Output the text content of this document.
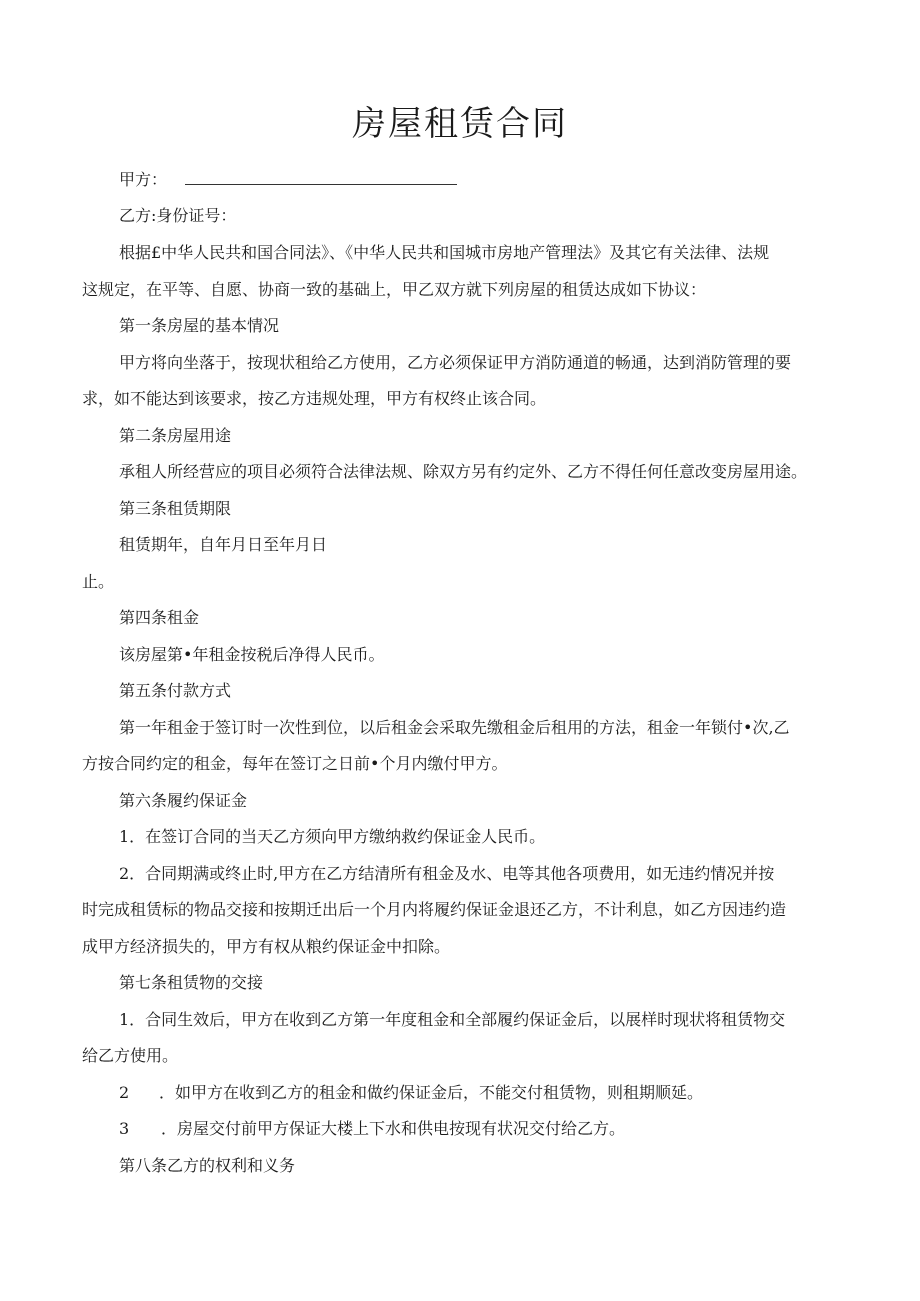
房屋租赁合同
甲方：
乙方:身份证号：
根据£中华人民共和国合同法》、《中华人民共和国城市房地产管理法》及其它有关法律、法规
这规定，在平等、自愿、协商一致的基础上，甲乙双方就下列房屋的租赁达成如下协议：
第一条房屋的基本情况
甲方将向坐落于，按现状租给乙方使用，乙方必须保证甲方消防通道的畅通，达到消防管理的要
求，如不能达到该要求，按乙方违规处理，甲方有权终止该合同。
第二条房屋用途
承租人所经营应的项目必须符合法律法规、除双方另有约定外、乙方不得任何任意改变房屋用途。
第三条租赁期限
租赁期年，自年月日至年月日
止。
第四条租金
该房屋第•年租金按税后净得人民币。
第五条付款方式
第一年租金于签订时一次性到位，以后租金会采取先缴租金后租用的方法，租金一年锁付•次,乙
方按合同约定的租金，每年在签订之日前•个月内缴付甲方。
第六条履约保证金
1．在签订合同的当天乙方须向甲方缴纳救约保证金人民币。
2．合同期满或终止时,甲方在乙方结清所有租金及水、电等其他各项费用，如无违约情况并按
时完成租赁标的物品交接和按期迁出后一个月内将履约保证金退还乙方，不计利息，如乙方因违约造
成甲方经济损失的，甲方有权从粮约保证金中扣除。
第七条租赁物的交接
1．合同生效后，甲方在收到乙方第一年度租金和全部履约保证金后，以展样时现状将租赁物交
给乙方使用。
2 ．如甲方在收到乙方的租金和做约保证金后，不能交付租赁物，则租期顺延。
3 ．房屋交付前甲方保证大楼上下水和供电按现有状况交付给乙方。
第八条乙方的权利和义务
